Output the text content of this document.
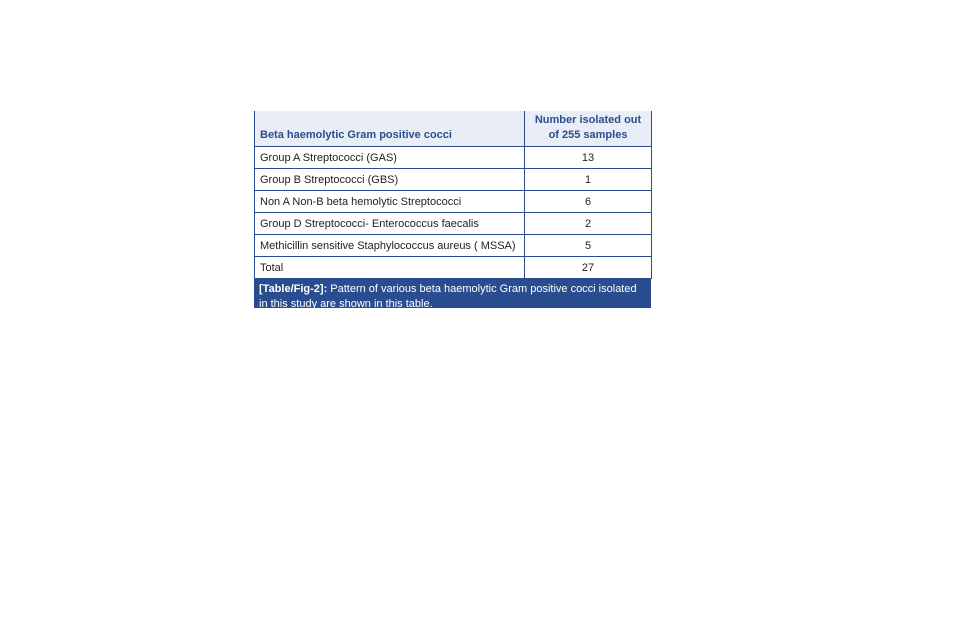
Beta haemolytic Gram positive cocci	Number isolated out of 255 samples
Group A Streptococci (GAS)	13
Group B Streptococci (GBS)	1
Non A Non-B beta hemolytic Streptococci	6
Group D Streptococci- Enterococcus faecalis	2
Methicillin sensitive Staphylococcus aureus ( MSSA)	5
Total	27
[Table/Fig-2]: Pattern of various beta haemolytic Gram positive cocci isolated in this study are shown in this table.
